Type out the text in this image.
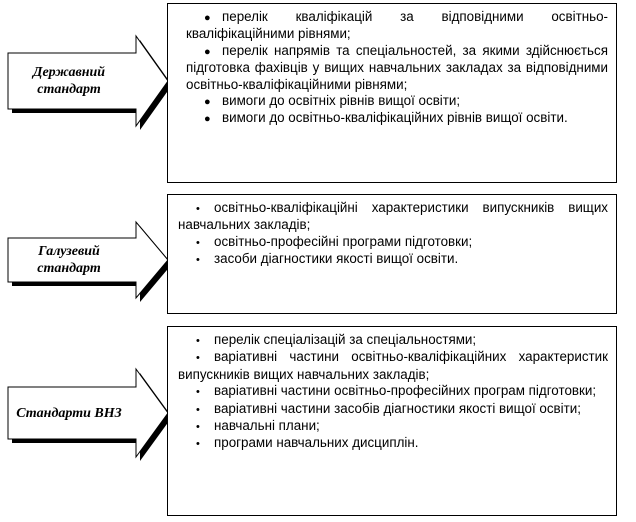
Державний стандарт
● перелік кваліфікацій за відповідними освітньо-кваліфікаційними рівнями;
● перелік напрямів та спеціальностей, за якими здійснюється підготовка фахівців у вищих навчальних закладах за відповідними освітньо-кваліфікаційними рівнями;
● вимоги до освітніх рівнів вищої освіти;
● вимоги до освітньо-кваліфікаційних рівнів вищої освіти.
Галузевий стандарт
• освітньо-кваліфікаційні характеристики випускників вищих навчальних закладів;
• освітньо-професійні програми підготовки;
• засоби діагностики якості вищої освіти.
Стандарти ВНЗ
• перелік спеціалізацій за спеціальностями;
• варіативні частини освітньо-кваліфікаційних характеристик випускників вищих навчальних закладів;
• варіативні частини освітньо-професійних програм підготовки;
• варіативні частини засобів діагностики якості вищої освіти;
• навчальні плани;
• програми навчальних дисциплін.
